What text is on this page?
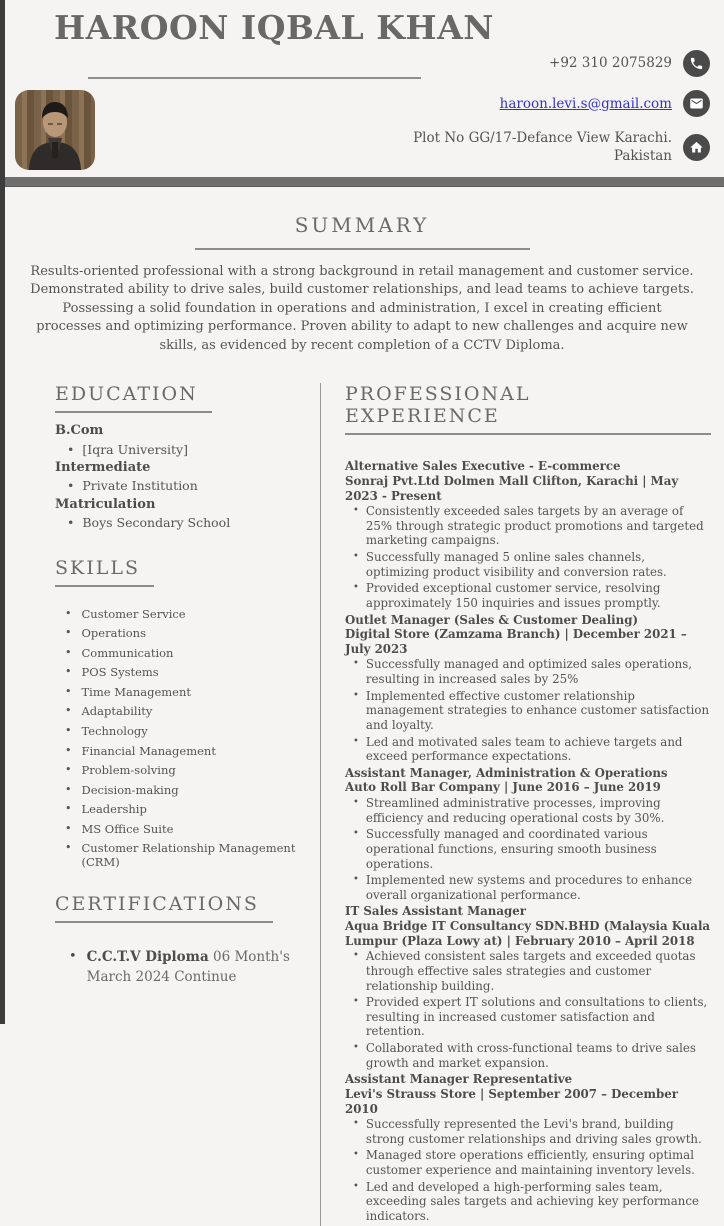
HAROON IQBAL KHAN
+92 310 2075829
haroon.levi.s@gmail.com
Plot No GG/17-Defance View Karachi.
Pakistan
SUMMARY

Results-oriented professional with a strong background in retail management and customer service. Demonstrated ability to drive sales, build customer relationships, and lead teams to achieve targets. Possessing a solid foundation in operations and administration, I excel in creating efficient processes and optimizing performance. Proven ability to adapt to new challenges and acquire new skills, as evidenced by recent completion of a CCTV Diploma.

EDUCATION
B.Com
• [Iqra University]
Intermediate
• Private Institution
Matriculation
• Boys Secondary School
SKILLS
• Customer Service
• Operations
• Communication
• POS Systems
• Time Management
• Adaptability
• Technology
• Financial Management
• Problem-solving
• Decision-making
• Leadership
• MS Office Suite
• Customer Relationship Management (CRM)
CERTIFICATIONS
• C.C.T.V Diploma 06 Month's March 2024 Continue
PROFESSIONAL EXPERIENCE
Alternative Sales Executive - E-commerce
Sonraj Pvt.Ltd Dolmen Mall Clifton, Karachi | May 2023 - Present
• Consistently exceeded sales targets by an average of 25% through strategic product promotions and targeted marketing campaigns.
• Successfully managed 5 online sales channels, optimizing product visibility and conversion rates.
• Provided exceptional customer service, resolving approximately 150 inquiries and issues promptly.
Outlet Manager (Sales & Customer Dealing)
Digital Store (Zamzama Branch) | December 2021 – July 2023
• Successfully managed and optimized sales operations, resulting in increased sales by 25%
• Implemented effective customer relationship management strategies to enhance customer satisfaction and loyalty.
• Led and motivated sales team to achieve targets and exceed performance expectations.
Assistant Manager, Administration & Operations
Auto Roll Bar Company | June 2016 – June 2019
• Streamlined administrative processes, improving efficiency and reducing operational costs by 30%.
• Successfully managed and coordinated various operational functions, ensuring smooth business operations.
• Implemented new systems and procedures to enhance overall organizational performance.
IT Sales Assistant Manager
Aqua Bridge IT Consultancy SDN.BHD (Malaysia Kuala Lumpur (Plaza Lowy at) | February 2010 – April 2018
• Achieved consistent sales targets and exceeded quotas through effective sales strategies and customer relationship building.
• Provided expert IT solutions and consultations to clients, resulting in increased customer satisfaction and retention.
• Collaborated with cross-functional teams to drive sales growth and market expansion.
Assistant Manager Representative
Levi's Strauss Store | September 2007 – December 2010
• Successfully represented the Levi's brand, building strong customer relationships and driving sales growth.
• Managed store operations efficiently, ensuring optimal customer experience and maintaining inventory levels.
• Led and developed a high-performing sales team, exceeding sales targets and achieving key performance indicators.
